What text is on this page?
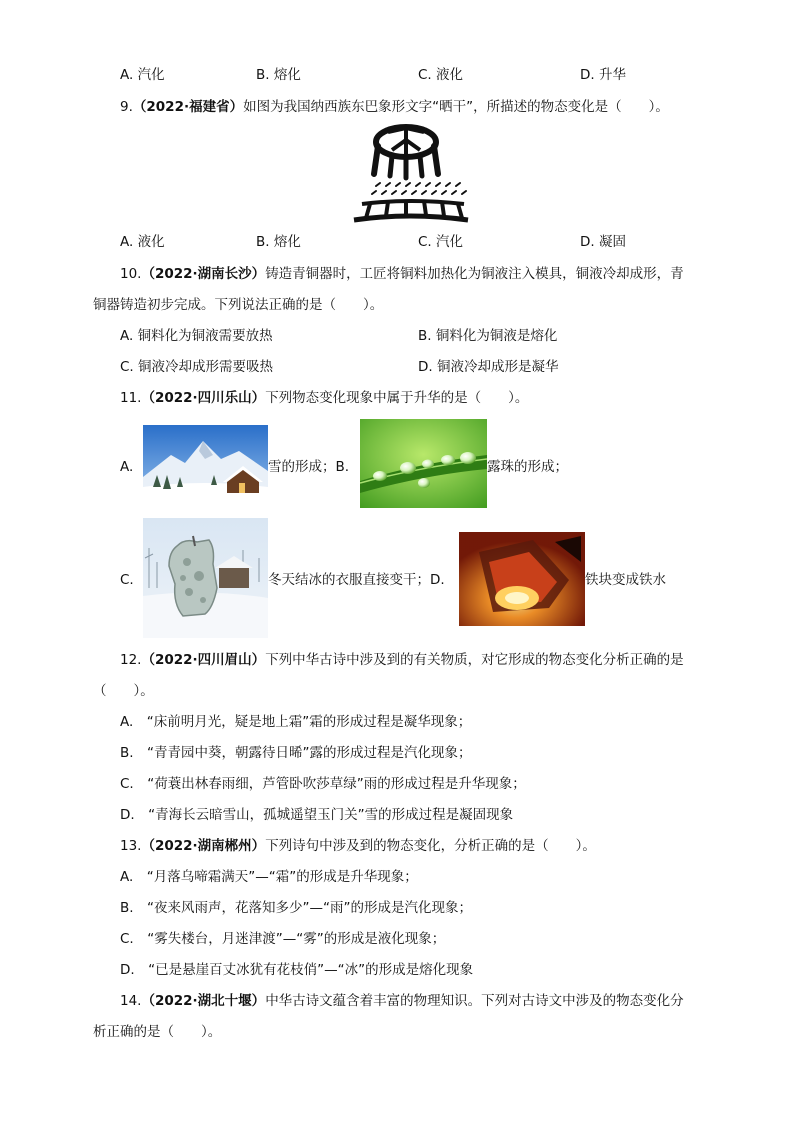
A. 汽化	B. 熔化	C. 液化	D. 升华
9.（2022·福建省）如图为我国纳西族东巴象形文字“晒干”，所描述的物态变化是（　　）。
A. 液化	B. 熔化	C. 汽化	D. 凝固
10.（2022·湖南长沙）铸造青铜器时，工匠将铜料加热化为铜液注入模具，铜液冷却成形，青
铜器铸造初步完成。下列说法正确的是（　　）。
A. 铜料化为铜液需要放热	B. 铜料化为铜液是熔化
C. 铜液冷却成形需要吸热	D. 铜液冷却成形是凝华
11.（2022·四川乐山）下列物态变化现象中属于升华的是（　　）。
A.	雪的形成；B.	露珠的形成；
C.	冬天结冰的衣服直接变干；D.	铁块变成铁水
12.（2022·四川眉山）下列中华古诗中涉及到的有关物质，对它形成的物态变化分析正确的是
（　　）。
A.　“床前明月光，疑是地上霜”霜的形成过程是凝华现象；
B.　“青青园中葵，朝露待日晞”露的形成过程是汽化现象；
C.　“荷蓑出林春雨细，芦管卧吹莎草绿”雨的形成过程是升华现象；
D.　“青海长云暗雪山，孤城遥望玉门关”雪的形成过程是凝固现象
13.（2022·湖南郴州）下列诗句中涉及到的物态变化，分析正确的是（　　）。
A.　“月落乌啼霜满天”—“霜”的形成是升华现象；
B.　“夜来风雨声，花落知多少”—“雨”的形成是汽化现象；
C.　“雾失楼台，月迷津渡”—“雾”的形成是液化现象；
D.　“已是悬崖百丈冰犹有花枝俏”—“冰”的形成是熔化现象
14.（2022·湖北十堰）中华古诗文蕴含着丰富的物理知识。下列对古诗文中涉及的物态变化分
析正确的是（　　）。
